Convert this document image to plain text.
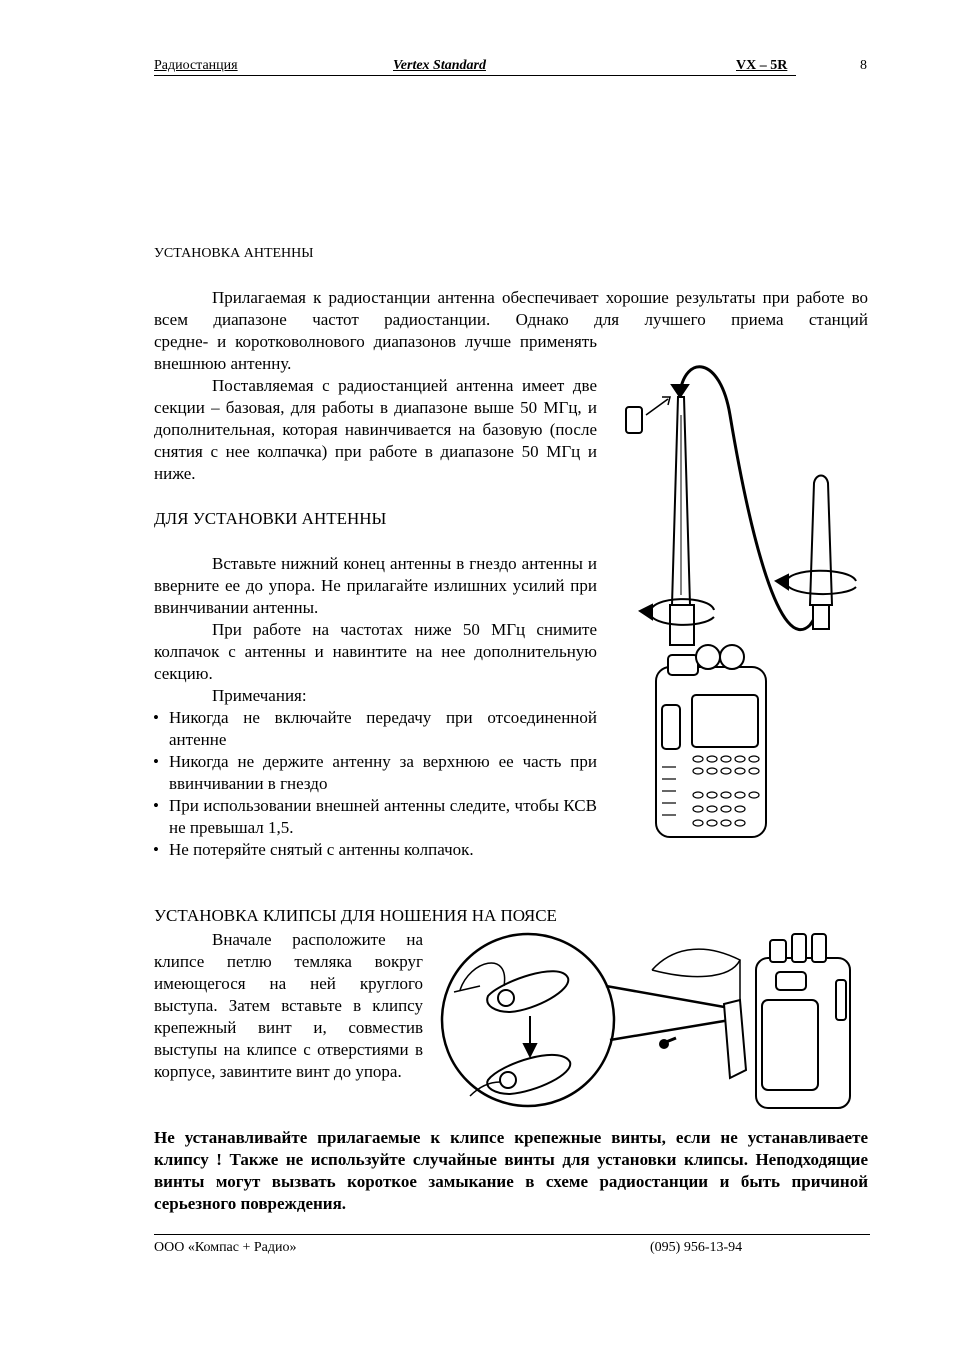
Радиостанция	Vertex Standard	VX – 5R	8
УСТАНОВКА АНТЕННЫ
Прилагаемая к радиостанции антенна обеспечивает хорошие результаты при работе во всем диапазоне частот радиостанции. Однако для лучшего приема станций
средне- и коротковолнового диапазонов лучше применять внешнюю антенну.
Поставляемая с радиостанцией антенна имеет две секции – базовая, для работы в диапазоне выше 50 МГц, и дополнительная, которая навинчивается на базовую (после снятия с нее колпачка) при работе в диапазоне 50 МГц и ниже.
ДЛЯ УСТАНОВКИ АНТЕННЫ
Вставьте нижний конец антенны в гнездо антенны и вверните ее до упора. Не прилагайте излишних усилий при ввинчивании антенны.
При работе на частотах ниже 50 МГц снимите колпачок с антенны и навинтите на нее дополнительную секцию.
Примечания:
• Никогда не включайте передачу при отсоединенной антенне
• Никогда не держите антенну за верхнюю ее часть при ввинчивании в гнездо
• При использовании внешней антенны следите, чтобы КСВ не превышал 1,5.
• Не потеряйте снятый с антенны колпачок.
УСТАНОВКА КЛИПСЫ ДЛЯ НОШЕНИЯ НА ПОЯСЕ
Вначале расположите на клипсе петлю темляка вокруг имеющегося на ней круглого выступа. Затем вставьте в клипсу крепежный винт и, совместив выступы на клипсе с отверстиями в корпусе, завинтите винт до упора.
Не устанавливайте прилагаемые к клипсе крепежные винты, если не устанавливаете клипсу ! Также не используйте случайные винты для установки клипсы. Неподходящие винты могут вызвать короткое замыкание в схеме радиостанции и быть причиной серьезного повреждения.
ООО «Компас + Радио»	(095) 956-13-94
